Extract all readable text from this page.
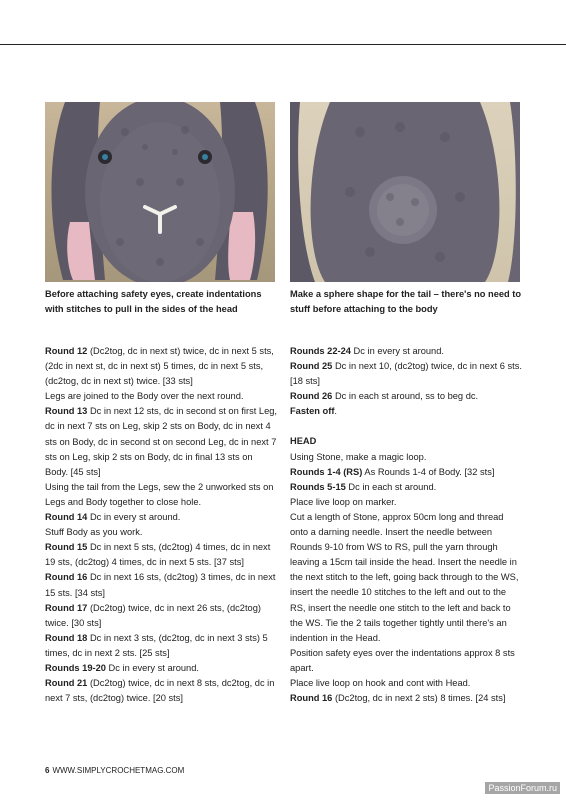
Before attaching safety eyes, create indentations with stitches to pull in the sides of the head
Make a sphere shape for the tail – there's no need to stuff before attaching to the body

Round 12 (Dc2tog, dc in next st) twice, dc in next 5 sts, (2dc in next st, dc in next st) 5 times, dc in next 5 sts, (dc2tog, dc in next st) twice. [33 sts]

Legs are joined to the Body over the next round.

Round 13 Dc in next 12 sts, dc in second st on first Leg, dc in next 7 sts on Leg, skip 2 sts on Body, dc in next 4 sts on Body, dc in second st on second Leg, dc in next 7 sts on Leg, skip 2 sts on Body, dc in final 13 sts on Body. [45 sts]

Using the tail from the Legs, sew the 2 unworked sts on Legs and Body together to close hole.

Round 14 Dc in every st around.

Stuff Body as you work.

Round 15 Dc in next 5 sts, (dc2tog) 4 times, dc in next 19 sts, (dc2tog) 4 times, dc in next 5 sts. [37 sts]

Round 16 Dc in next 16 sts, (dc2tog) 3 times, dc in next 15 sts. [34 sts]

Round 17 (Dc2tog) twice, dc in next 26 sts, (dc2tog) twice. [30 sts]

Round 18 Dc in next 3 sts, (dc2tog, dc in next 3 sts) 5 times, dc in next 2 sts. [25 sts]

Rounds 19-20 Dc in every st around.

Round 21 (Dc2tog) twice, dc in next 8 sts, dc2tog, dc in next 7 sts, (dc2tog) twice. [20 sts]

Rounds 22-24 Dc in every st around.

Round 25 Dc in next 10, (dc2tog) twice, dc in next 6 sts. [18 sts]

Round 26 Dc in each st around, ss to beg dc.

Fasten off.

HEAD

Using Stone, make a magic loop.

Rounds 1-4 (RS) As Rounds 1-4 of Body. [32 sts]

Rounds 5-15 Dc in each st around.

Place live loop on marker.

Cut a length of Stone, approx 50cm long and thread onto a darning needle. Insert the needle between Rounds 9-10 from WS to RS, pull the yarn through leaving a 15cm tail inside the head. Insert the needle in the next stitch to the left, going back through to the WS, insert the needle 10 stitches to the left and out to the RS, insert the needle one stitch to the left and back to the WS. Tie the 2 tails together tightly until there's an indention in the Head.

Position safety eyes over the indentations approx 8 sts apart.

Place live loop on hook and cont with Head.

Round 16 (Dc2tog, dc in next 2 sts) 8 times. [24 sts]

6 WWW.SIMPLYCROCHETMAG.COM
PassionForum.ru
